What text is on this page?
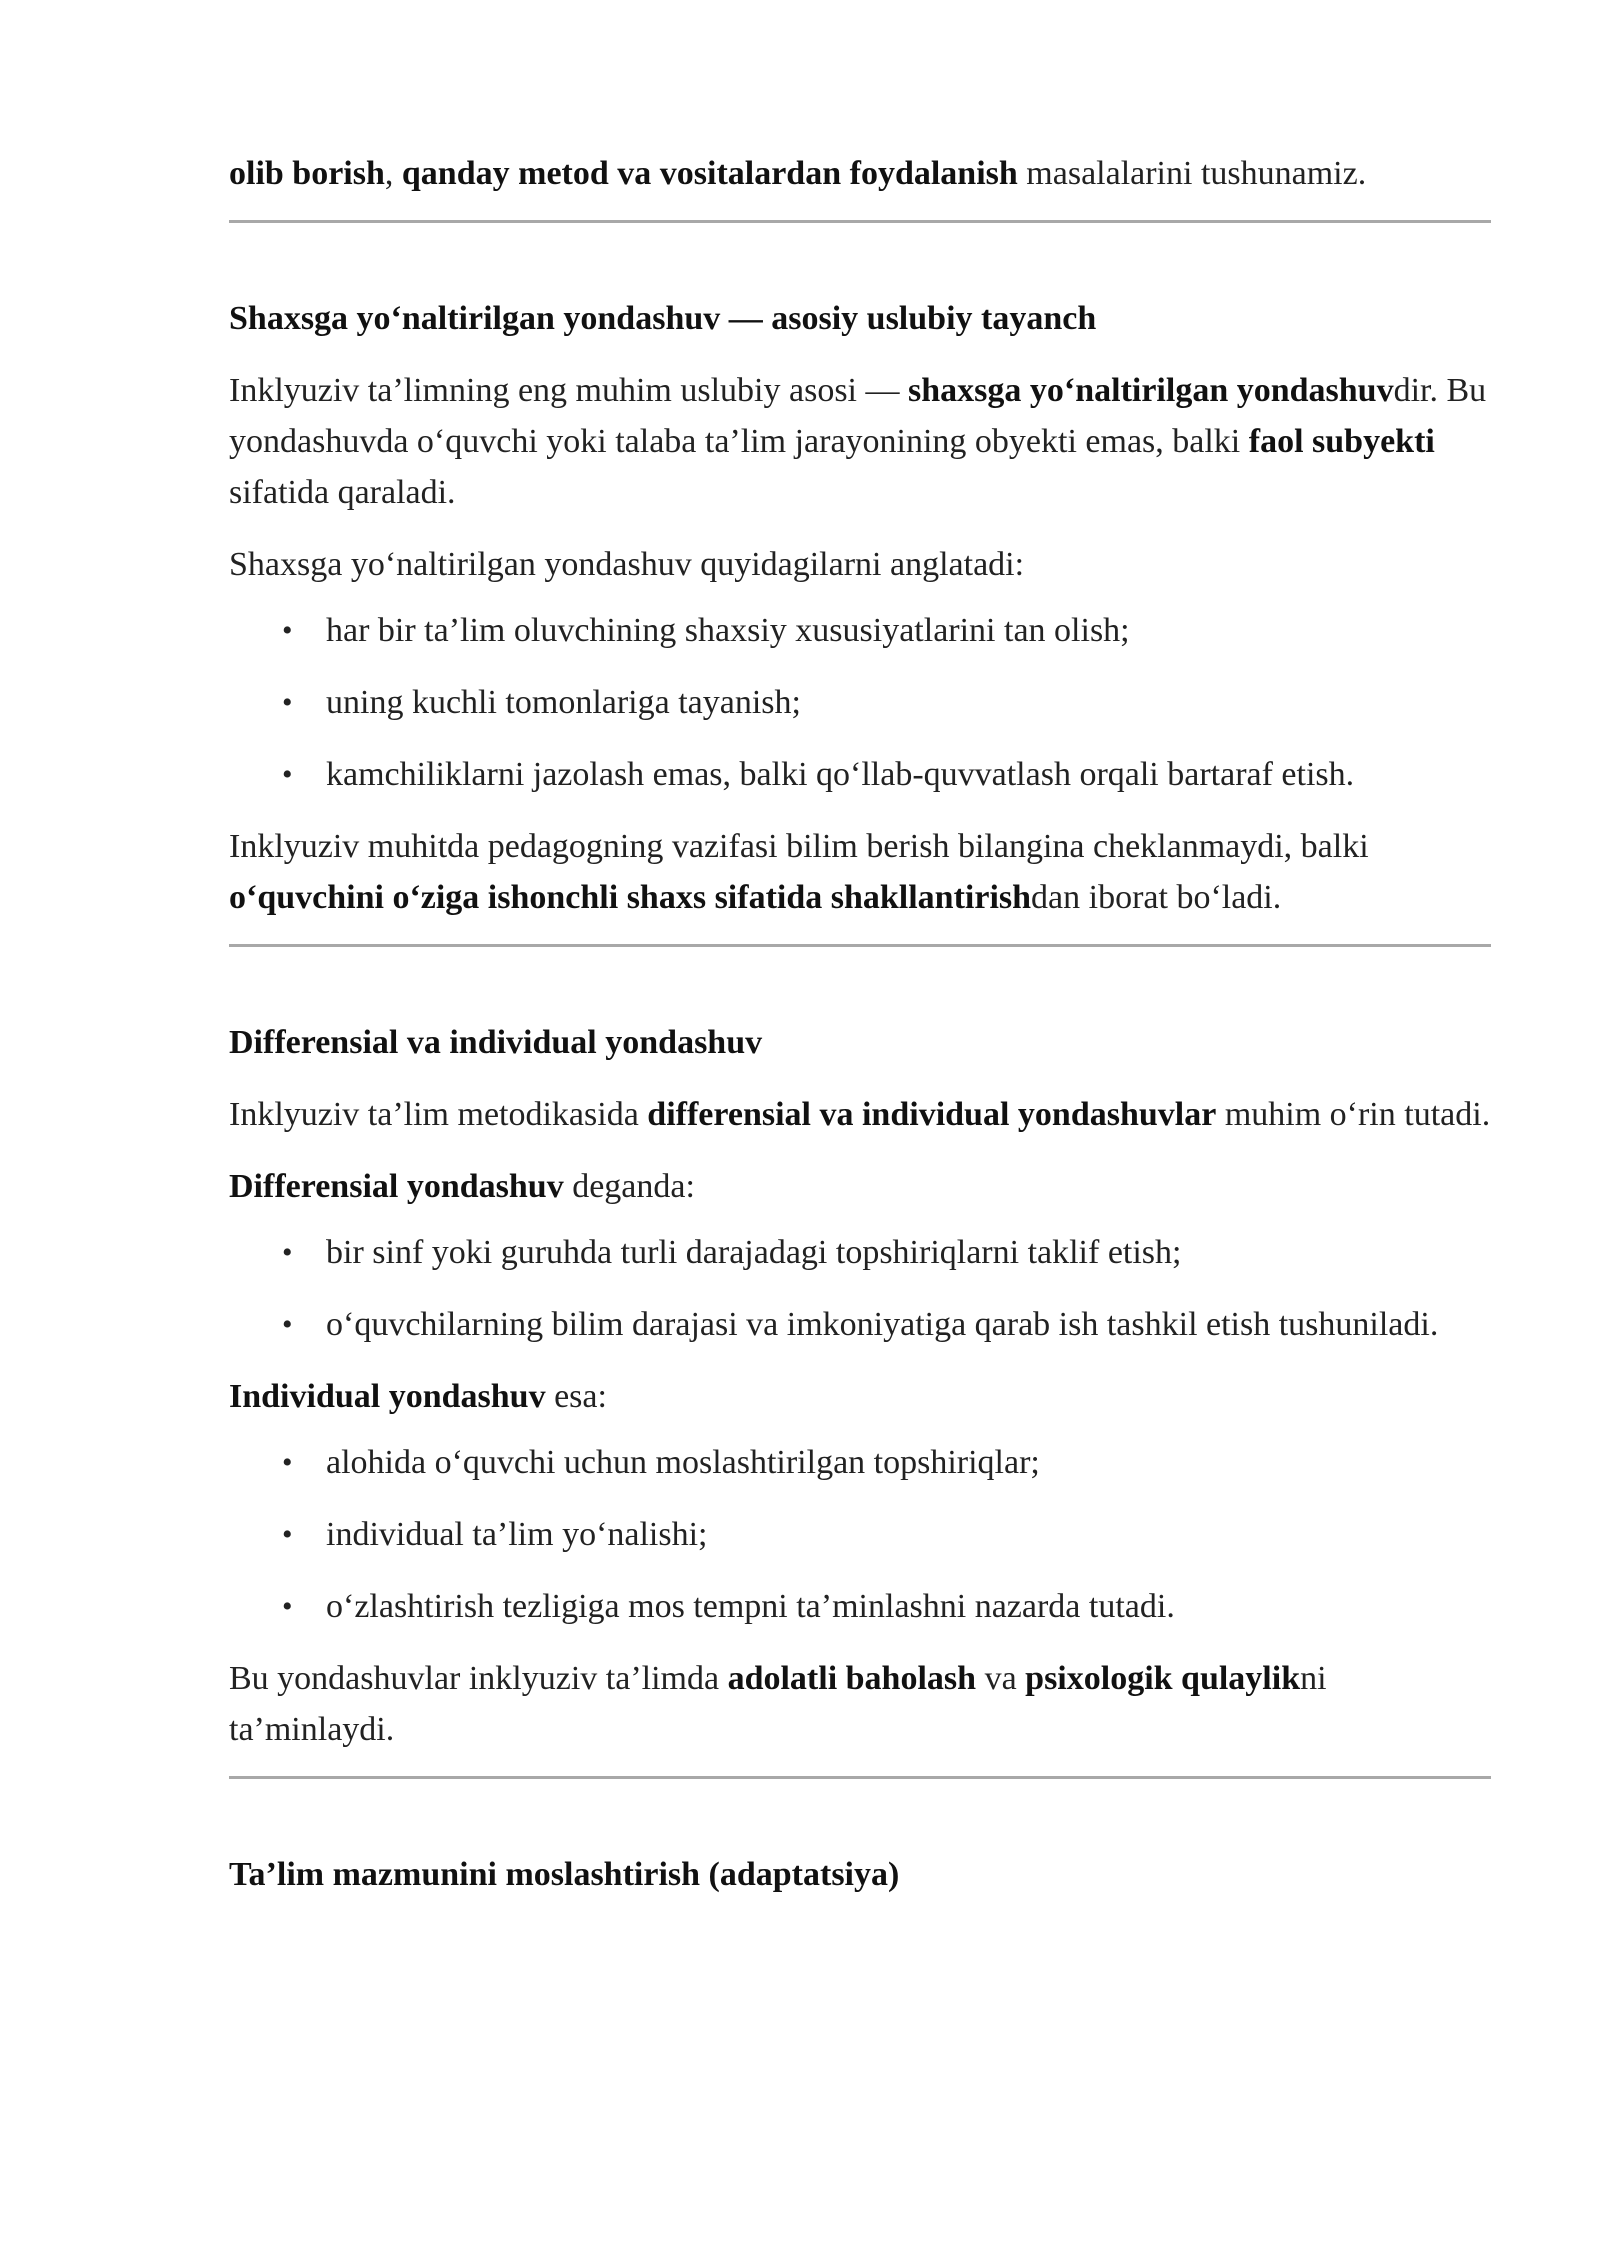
olib borish, qanday metod va vositalardan foydalanish masalalarini tushunamiz.

Shaxsga yoʻnaltirilgan yondashuv — asosiy uslubiy tayanch

Inklyuziv ta’limning eng muhim uslubiy asosi — shaxsga yoʻnaltirilgan yondashuvdir. Bu yondashuvda oʻquvchi yoki talaba ta’lim jarayonining obyekti emas, balki faol subyekti sifatida qaraladi.

Shaxsga yoʻnaltirilgan yondashuv quyidagilarni anglatadi:

• har bir ta’lim oluvchining shaxsiy xususiyatlarini tan olish;
• uning kuchli tomonlariga tayanish;
• kamchiliklarni jazolash emas, balki qoʻllab-quvvatlash orqali bartaraf etish.

Inklyuziv muhitda pedagogning vazifasi bilim berish bilangina cheklanmaydi, balki oʻquvchini oʻziga ishonchli shaxs sifatida shakllantirishdan iborat boʻladi.

Differensial va individual yondashuv

Inklyuziv ta’lim metodikasida differensial va individual yondashuvlar muhim oʻrin tutadi.

Differensial yondashuv deganda:

• bir sinf yoki guruhda turli darajadagi topshiriqlarni taklif etish;
• oʻquvchilarning bilim darajasi va imkoniyatiga qarab ish tashkil etish tushuniladi.

Individual yondashuv esa:

• alohida oʻquvchi uchun moslashtirilgan topshiriqlar;
• individual ta’lim yoʻnalishi;
• oʻzlashtirish tezligiga mos tempni ta’minlashni nazarda tutadi.

Bu yondashuvlar inklyuziv ta’limda adolatli baholash va psixologik qulaylikni ta’minlaydi.

Ta’lim mazmunini moslashtirish (adaptatsiya)
